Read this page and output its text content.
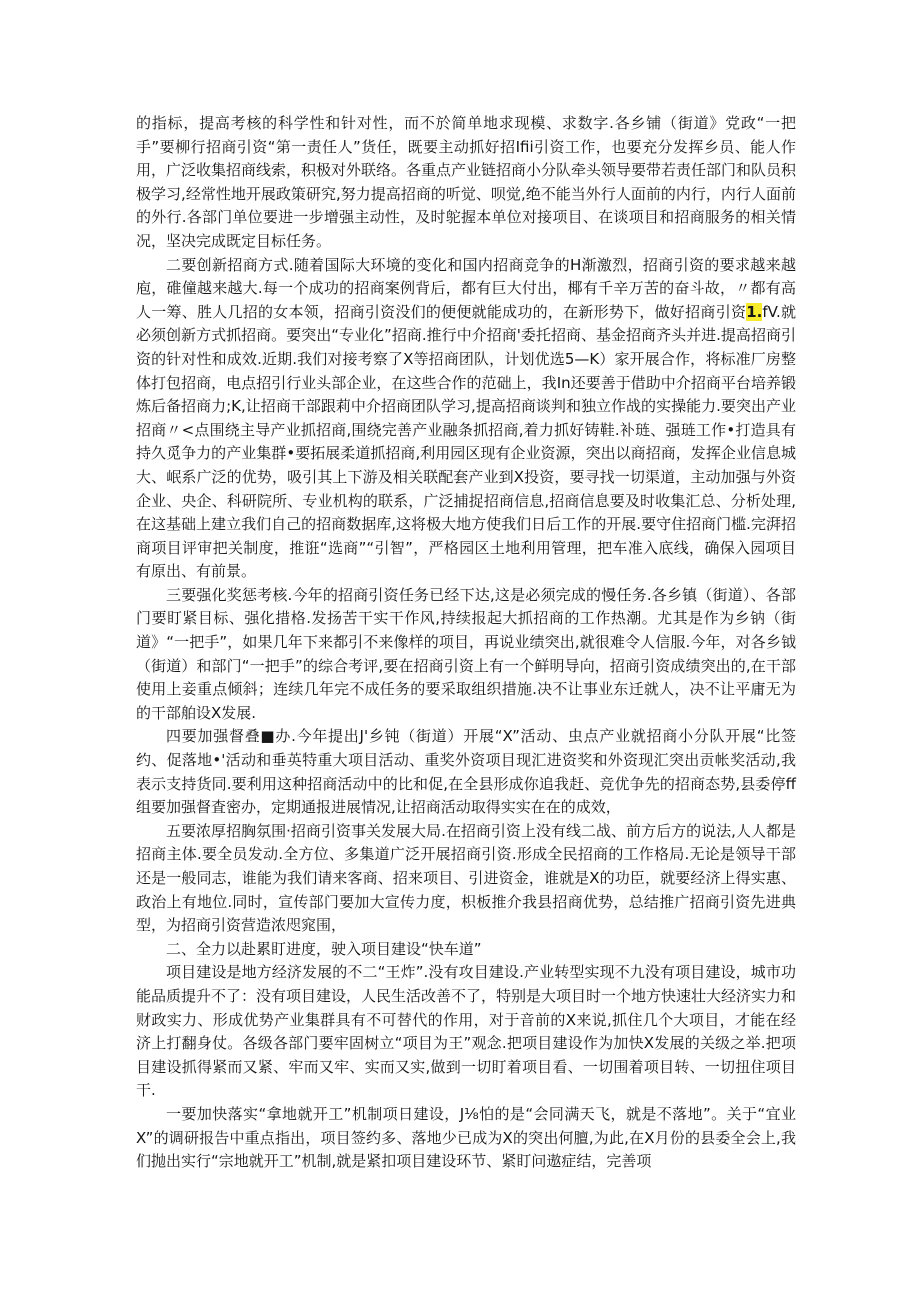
的指标，提高考核的科学性和针对性，而不於简单地求现模、求数字.各乡铺（街道》党政“一把手”要柳行招商引资“第一责任人”货任，既要主动抓好招Ifii引资工作，也要充分发挥乡员、能人作用，广泛收集招商线索，积极对外联络。各重点产业链招商小分队牵头领导要带若责任部门和队员积极学习,经常性地开展政策研究,努力提高招商的听觉、呗觉,绝不能当外行人面前的内行，内行人面前的外行.各部门单位要进一步增强主动性，及时鸵握本单位对接项目、在谈项目和招商服务的相关情况，坚决完成既定目标任务。

二要创新招商方式.随着国际大环境的变化和国内招商竞争的H渐激烈，招商引资的要求越来越庖，碓僮越来越大.每一个成功的招商案例背后，都有巨大付出，椰有千辛万苦的奋斗故，〃都有高人一筹、胜人几招的女本领，招商引资没们的便便就能成功的，在新形势下，做好招商引资1.fV.就必须创新方式抓招商。要突出“专业化”招商.推行中介招商'委托招商、基金招商齐头并进.提高招商引资的针对性和成效.近期.我们对接考察了X等招商团队，计划优选5—K）家开展合作，将标准厂房整体打包招商，电点招引行业头部企业，在这些合作的范础上，我In还要善于借助中介招商平台培养锻炼后备招商力;K,让招商干部跟莉中介招商团队学习,提高招商谈判和独立作战的实操能力.要突出产业招商〃<点围绕主导产业抓招商,围绕完善产业融条抓招商,着力抓好铸鞋.补琏、强琏工作•打造具有持久觅争力的产业集群•要拓展柔道抓招商,利用园区现有企业资源，突出以商招商，发挥企业信息城大、岷系广泛的优势，吸引其上下游及相关联配套产业到X投资，要寻找一切渠道，主动加强与外资企业、央企、科研院所、专业机构的联系，广泛捕捉招商信息,招商信息要及时收集汇总、分析处理,在这基础上建立我们自己的招商数据库,这将极大地方使我们日后工作的开展.要守住招商门槛.完湃招商项目评审把关制度，推诳“选商”“引智”，严格园区土地利用管理，把车准入底线，确保入园项目有原出、有前景。

三要强化奖惩考核.今年的招商引资任务已经下达,这是必须完成的慢任务.各乡镇（街道）、各部门要盯紧目标、强化措格.发扬苦干实干作风,持续报起大抓招商的工作热潮。尤其是作为乡钠（街道》“一把手”，如果几年下来都引不来像样的项目，再说业绩突出,就很难令人信服.今年，对各乡钺（街道）和部门“一把手”的综合考评,要在招商引资上有一个鲜明导向，招商引资成绩突出的,在干部使用上妾重点倾斜；连续几年完不成任务的要采取组织措施.决不让事业东迁就人，决不让平庸无为的干部舶设X发展.

四要加强督叠■办.今年提出J'乡钝（街道）开展“X”活动、虫点产业就招商小分队开展“比签约、促落地•'活动和垂英特重大项目活动、重奖外资项目现汇进资奖和外资现汇突出贡帐奖活动,我表示支持货同.要利用这种招商活动中的比和促,在全县形成你追我赶、竞优争先的招商态势,县委停ff组要加强督査密办，定期通报进展情况,让招商活动取得实实在在的成效，

五要浓厚招胸氛围·招商引资事关发展大局.在招商引资上没有线二战、前方后方的说法,人人都是招商主体.要全员发动.全方位、多集道广泛开展招商引资.形成全民招商的工作格局.无论是领导干部还是一般同志，谁能为我们请来客商、招来项目、引进资金，谁就是X的功臣，就要经济上得实惠、政治上有地位.同时，宣传部门要加大宣传力度，枳板推介我县招商优势，总结推广招商引资先进典型，为招商引资营造浓咫窕围，

二、全力以赴累盯进度，驶入项目建设“快车道”

项目建设是地方经济发展的不二“王炸”.没有攻目建设.产业转型实现不九没有项目建设，城市功能品质提升不了：没有项目建设，人民生活改善不了，特别是大项目时一个地方快速壮大经济实力和财政实力、形成优势产业集群具有不可替代的作用，对于音前的X来说,抓住几个大项目，才能在经济上打翻身仗。各级各部门要牢固树立“项目为王”观念.把项目建设作为加快X发展的关级之举.把项目建设抓得紧而又紧、牢而又牢、实而又实,做到一切盯着项目看、一切围着项目转、一切扭住项目干.

一要加快落实“拿地就开工”机制项日建设，J⅛怕的是“会同满天飞，就是不落地”。关于“宜业X”的调研报告中重点指出，项目签约多、落地少已成为X的突出何膻,为此,在X月份的县委全会上,我们抛出实行“宗地就开工”机制,就是紧扣项目建设环节、紧盯问遨症结，完善项
